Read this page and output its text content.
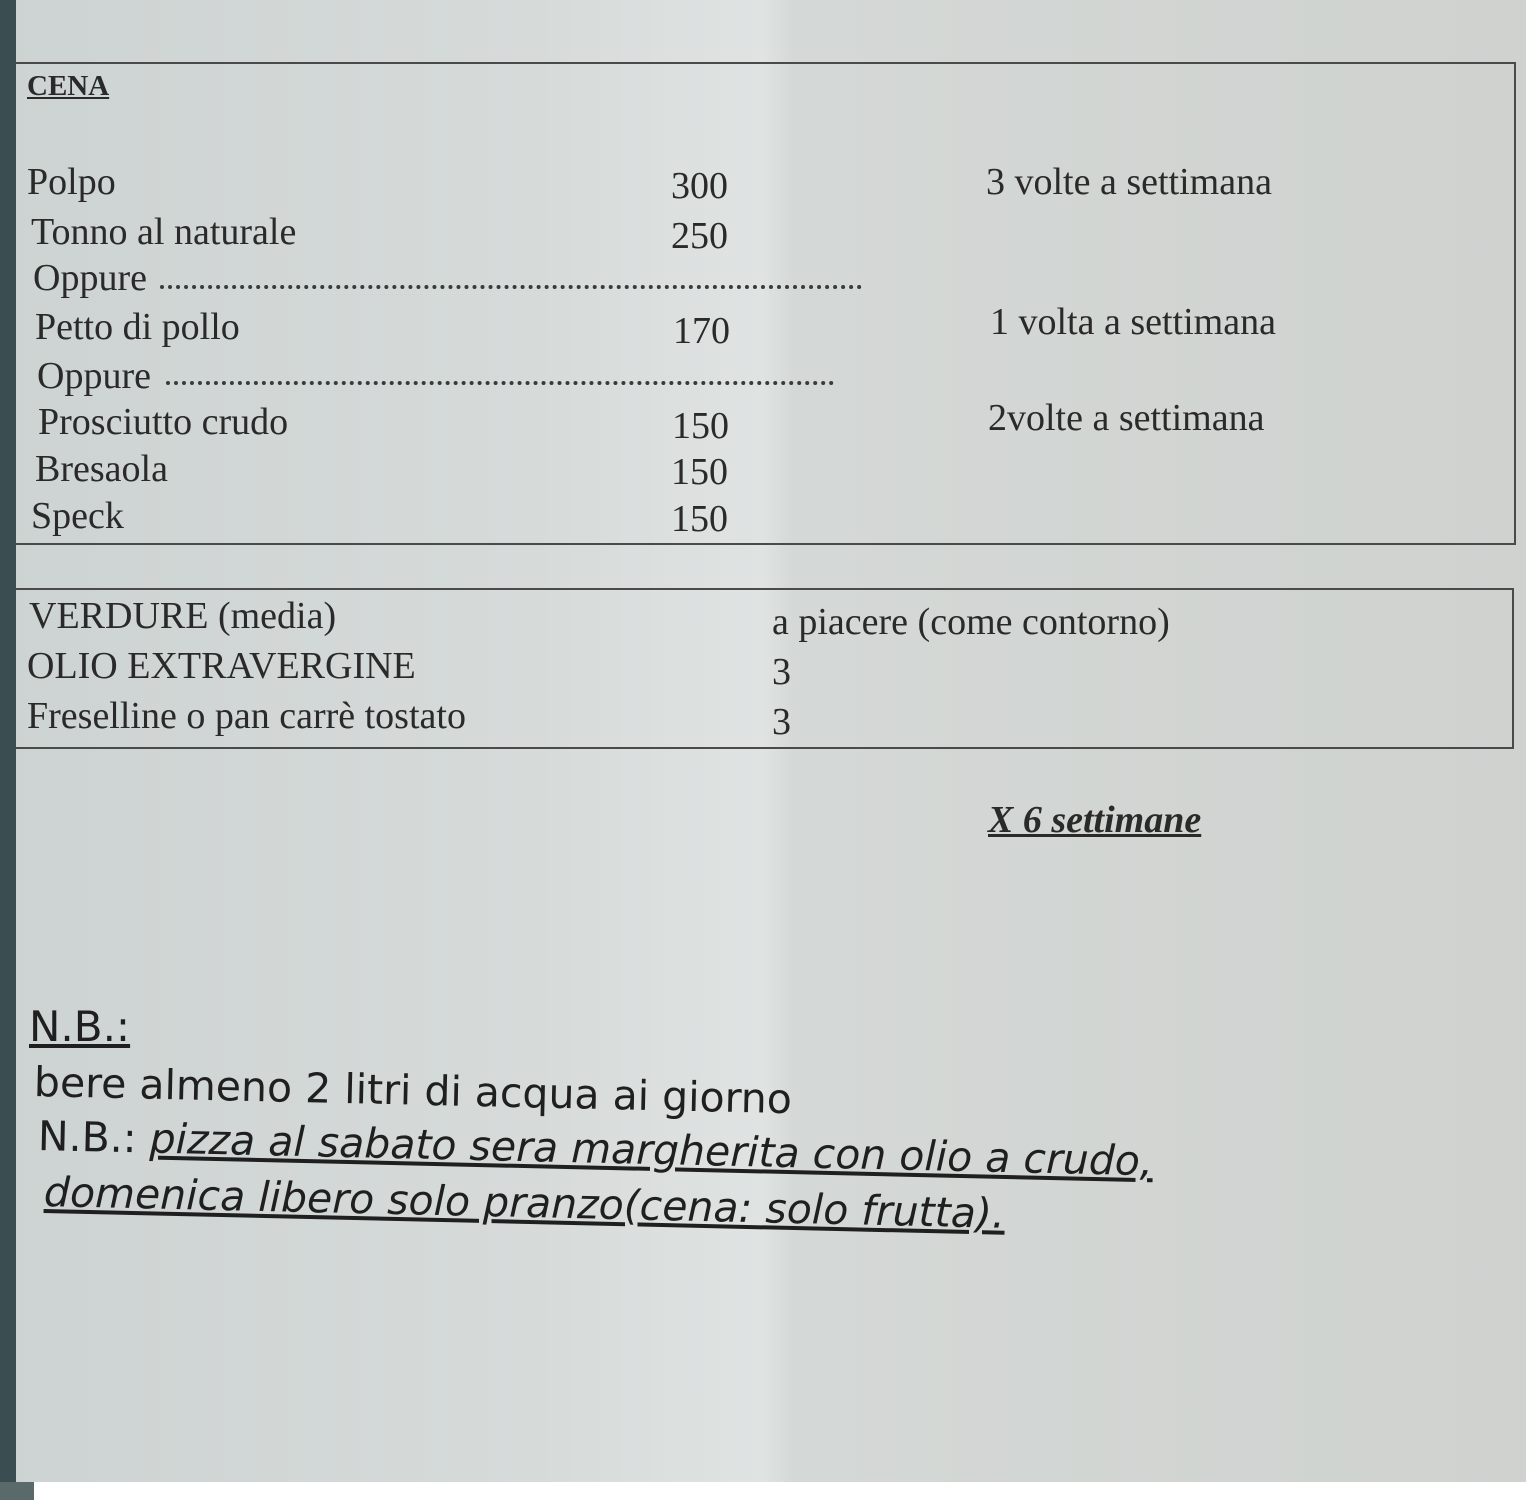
CENA
Polpo	300	3 volte a settimana
Tonno al naturale	250
Oppure
Petto di pollo	170	1 volta a settimana
Oppure
Prosciutto crudo	150	2volte a settimana
Bresaola	150
Speck	150
VERDURE (media)	a piacere (come contorno)
OLIO EXTRAVERGINE	3
Freselline o pan carrè tostato	3
X 6 settimane
N.B.:
bere almeno 2 litri di acqua ai giorno
N.B.: pizza al sabato sera margherita con olio a crudo,
domenica libero solo pranzo(cena: solo frutta).
